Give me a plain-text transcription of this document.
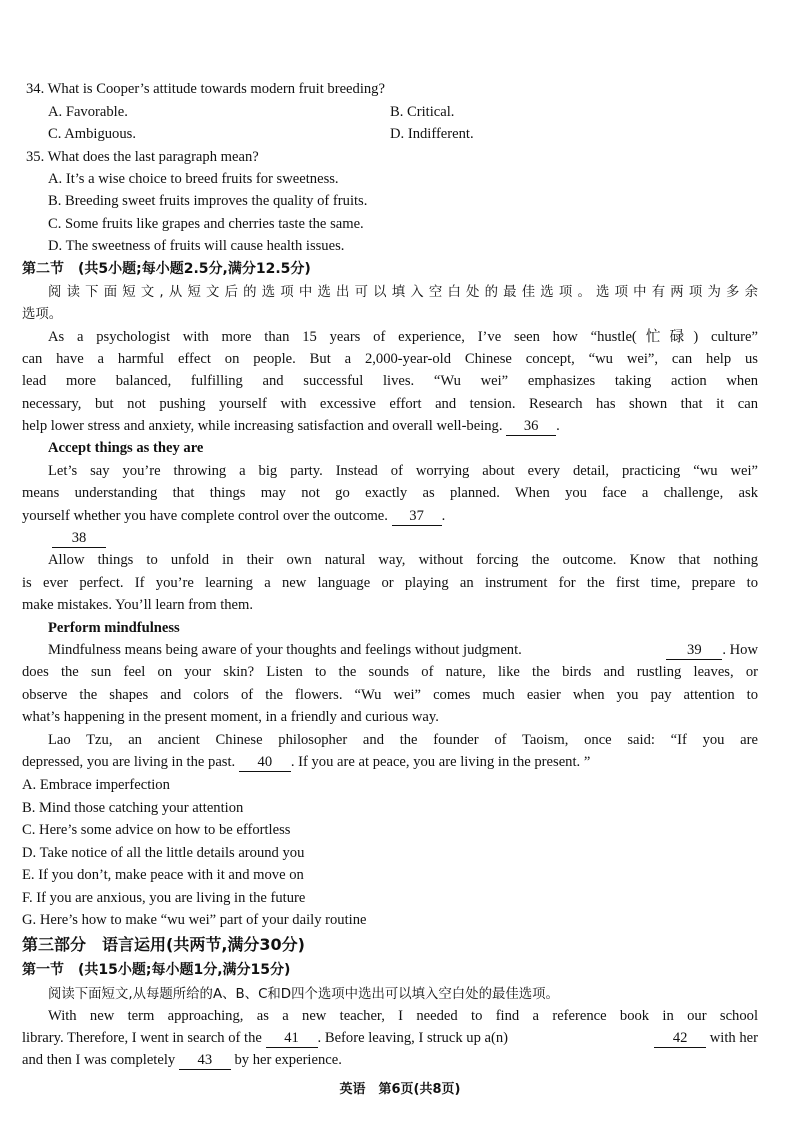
34. What is Cooper’s attitude towards modern fruit breeding?
A. Favorable.	B. Critical.
C. Ambiguous.	D. Indifferent.
35. What does the last paragraph mean?
A. It’s a wise choice to breed fruits for sweetness.
B. Breeding sweet fruits improves the quality of fruits.
C. Some fruits like grapes and cherries taste the same.
D. The sweetness of fruits will cause health issues.
第二节　(共5小题;每小题2.5分,满分12.5分)
阅读下面短文,从短文后的选项中选出可以填入空白处的最佳选项。选项中有两项为多余
选项。
As a psychologist with more than 15 years of experience, I’ve seen how “hustle(忙碌) culture”
can have a harmful effect on people. But a 2,000-year-old Chinese concept, “wu wei”, can help us
lead more balanced, fulfilling and successful lives. “Wu wei” emphasizes taking action when
necessary, but not pushing yourself with excessive effort and tension. Research has shown that it can
help lower stress and anxiety, while increasing satisfaction and overall well-being. 36 .
Accept things as they are
Let’s say you’re throwing a big party. Instead of worrying about every detail, practicing “wu wei”
means understanding that things may not go exactly as planned. When you face a challenge, ask
yourself whether you have complete control over the outcome. 37 .
38
Allow things to unfold in their own natural way, without forcing the outcome. Know that nothing
is ever perfect. If you’re learning a new language or playing an instrument for the first time, prepare to
make mistakes. You’ll learn from them.
Perform mindfulness
Mindfulness means being aware of your thoughts and feelings without judgment.	39 . How
does the sun feel on your skin? Listen to the sounds of nature, like the birds and rustling leaves, or
observe the shapes and colors of the flowers. “Wu wei” comes much easier when you pay attention to
what’s happening in the present moment, in a friendly and curious way.
Lao Tzu, an ancient Chinese philosopher and the founder of Taoism, once said: “If you are
depressed, you are living in the past. 40 . If you are at peace, you are living in the present. ”
A. Embrace imperfection
B. Mind those catching your attention
C. Here’s some advice on how to be effortless
D. Take notice of all the little details around you
E. If you don’t, make peace with it and move on
F. If you are anxious, you are living in the future
G. Here’s how to make “wu wei” part of your daily routine
第三部分　语言运用(共两节,满分30分)
第一节　(共15小题;每小题1分,满分15分)
阅读下面短文,从每题所给的A、B、C和D四个选项中选出可以填入空白处的最佳选项。
With new term approaching, as a new teacher, I needed to find a reference book in our school
library. Therefore, I went in search of the 41 . Before leaving, I struck up a(n)	42 with her
and then I was completely 43 by her experience.
英语　第6页(共8页)
